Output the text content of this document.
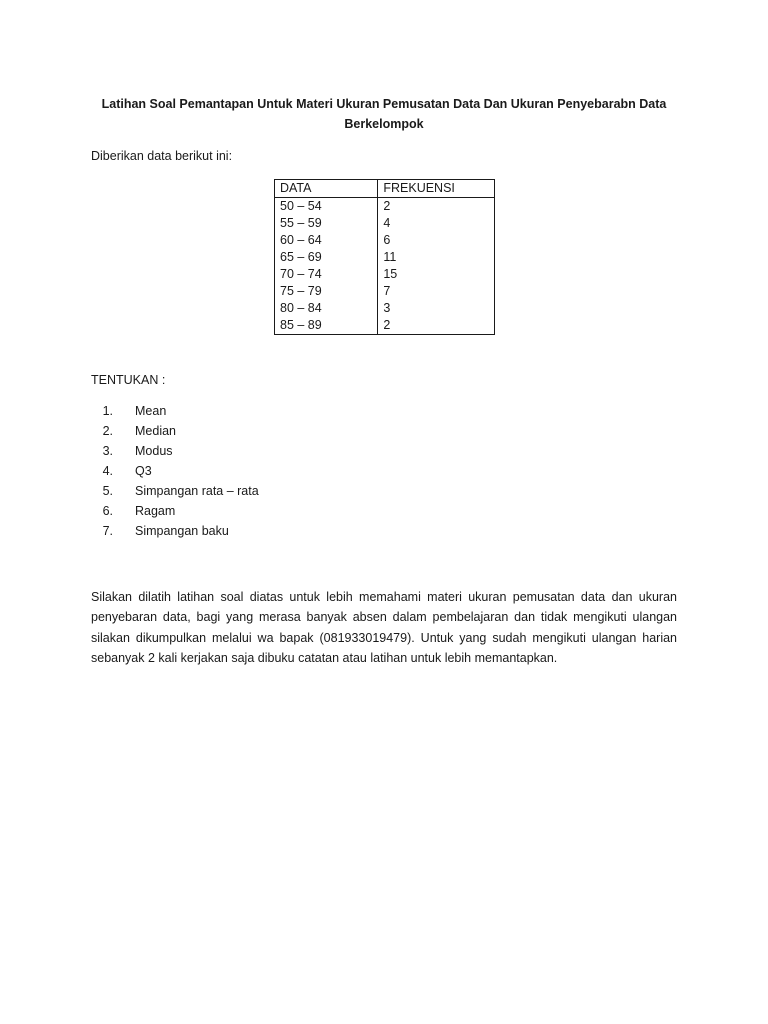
Latihan Soal Pemantapan Untuk Materi Ukuran Pemusatan Data Dan Ukuran Penyebarabn Data Berkelompok
Diberikan data berikut ini:
DATA	FREKUENSI
50 – 54	2
55 – 59	4
60 – 64	6
65 – 69	11
70 – 74	15
75 – 79	7
80 – 84	3
85 – 89	2
TENTUKAN :
1. Mean
2. Median
3. Modus
4. Q3
5. Simpangan rata – rata
6. Ragam
7. Simpangan baku
Silakan dilatih latihan soal diatas untuk lebih memahami materi ukuran pemusatan data dan ukuran penyebaran data, bagi yang merasa banyak absen dalam pembelajaran dan tidak mengikuti ulangan silakan dikumpulkan melalui wa bapak (081933019479). Untuk yang sudah mengikuti ulangan harian sebanyak 2 kali kerjakan saja dibuku catatan atau latihan untuk lebih memantapkan.
